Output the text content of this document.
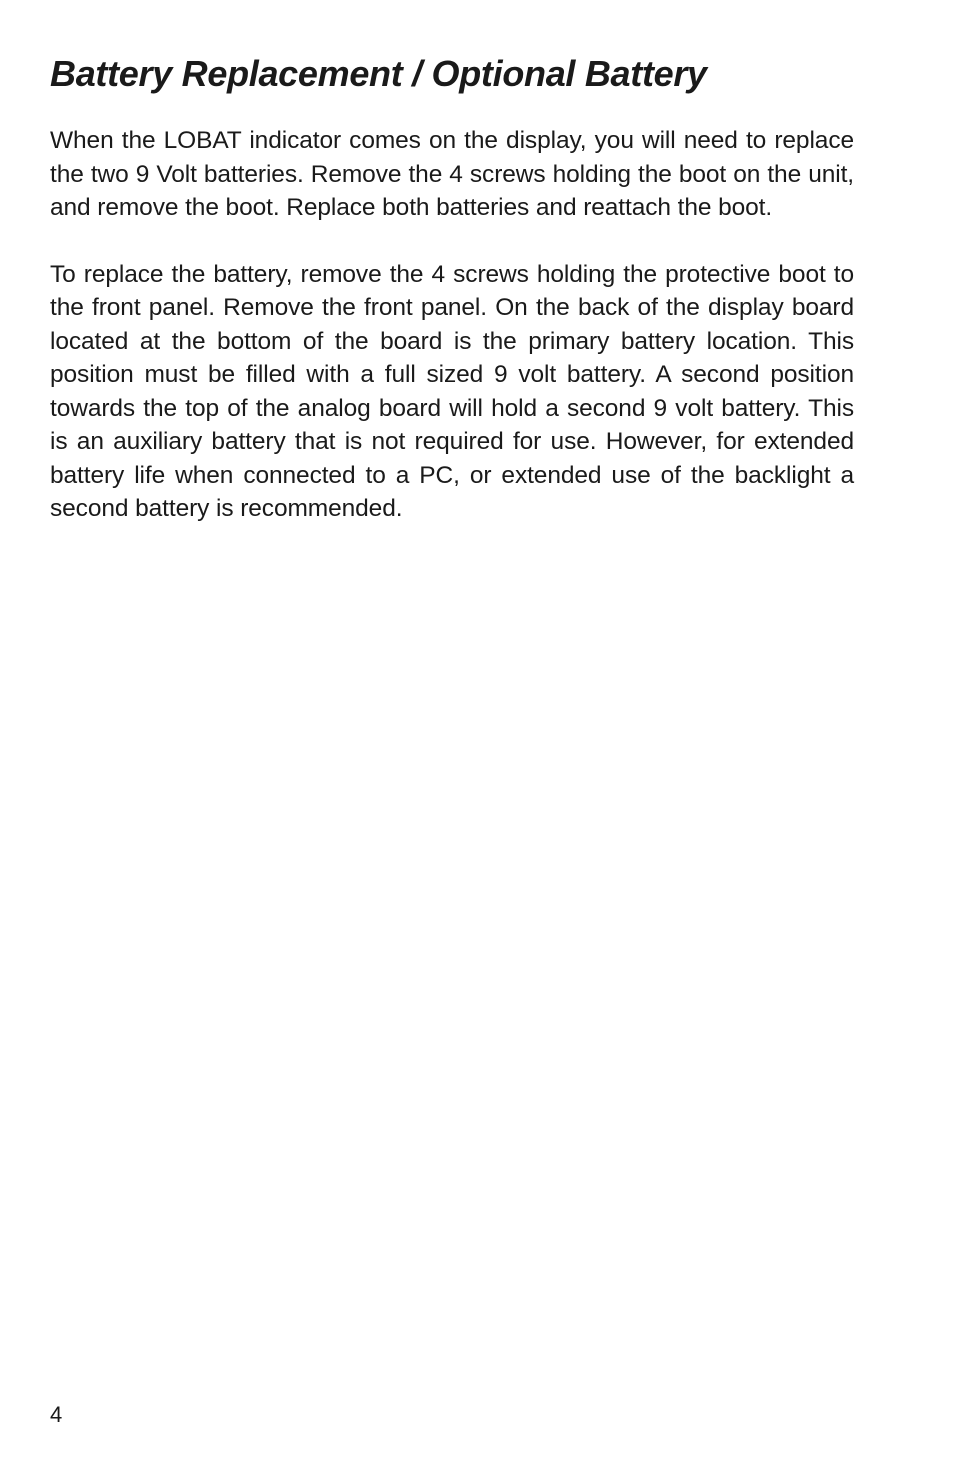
Battery Replacement / Optional Battery

When the LOBAT indicator comes on the display, you will need to replace the two 9 Volt batteries. Remove the 4 screws holding the boot on the unit, and remove the boot. Replace both batteries and reattach the boot.

To replace the battery, remove the 4 screws holding the protective boot to the front panel. Remove the front panel. On the back of the display board located at the bottom of the board is the primary battery location. This position must be filled with a full sized 9 volt battery. A second position towards the top of the analog board will hold a second 9 volt battery. This is an auxiliary battery that is not required for use. However, for extended battery life when connected to a PC, or extended use of the backlight a second battery is recommended.

4
